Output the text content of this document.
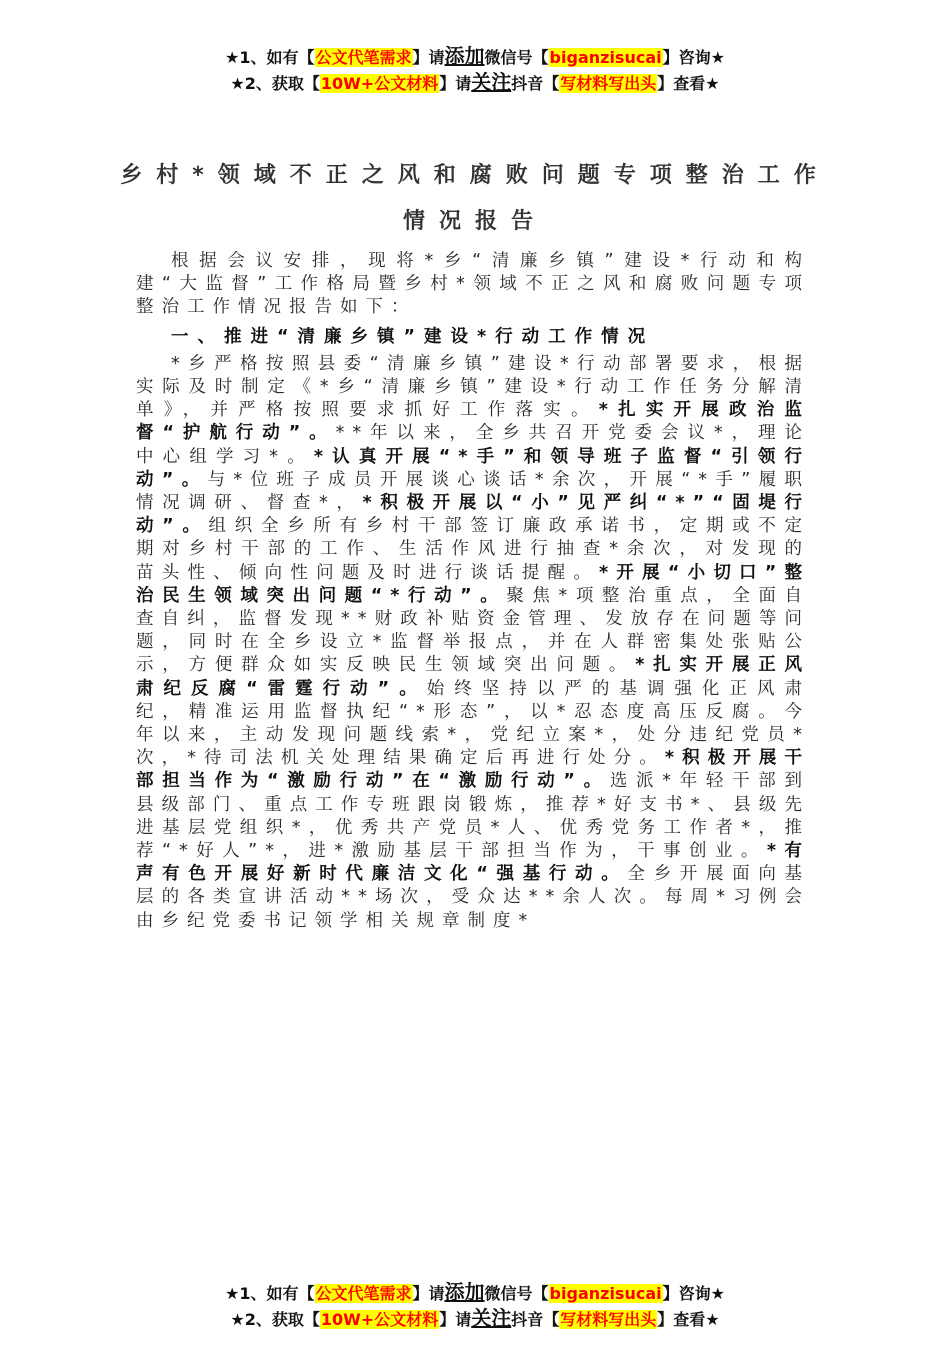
★1、如有【公文代笔需求】请添加微信号【biganzisucai】咨询★
★2、获取【10W+公文材料】请关注抖音【写材料写出头】查看★
乡村*领域不正之风和腐败问题专项整治工作
情况报告

根据会议安排，现将*乡“清廉乡镇”建设*行动和构建“大监督”工作格局暨乡村*领域不正之风和腐败问题专项整治工作情况报告如下：

一、推进“清廉乡镇”建设*行动工作情况

*乡严格按照县委“清廉乡镇”建设*行动部署要求，根据实际及时制定《*乡“清廉乡镇”建设*行动工作任务分解清单》，并严格按照要求抓好工作落实。*扎实开展政治监督“护航行动”。**年以来，全乡共召开党委会议*，理论中心组学习*。*认真开展“*手”和领导班子监督“引领行动”。与*位班子成员开展谈心谈话*余次，开展“*手”履职情况调研、督查*，*积极开展以“小”见严纠“*”“固堤行动”。组织全乡所有乡村干部签订廉政承诺书，定期或不定期对乡村干部的工作、生活作风进行抽查*余次，对发现的苗头性、倾向性问题及时进行谈话提醒。*开展“小切口”整治民生领域突出问题“*行动”。聚焦*项整治重点，全面自查自纠，监督发现**财政补贴资金管理、发放存在问题等问题，同时在全乡设立*监督举报点，并在人群密集处张贴公示，方便群众如实反映民生领域突出问题。*扎实开展正风肃纪反腐“雷霆行动”。始终坚持以严的基调强化正风肃纪，精准运用监督执纪“*形态”，以*忍态度高压反腐。今年以来，主动发现问题线索*，党纪立案*，处分违纪党员*次，*待司法机关处理结果确定后再进行处分。*积极开展干部担当作为“激励行动”在“激励行动”。选派*年轻干部到县级部门、重点工作专班跟岗锻炼，推荐*好支书*、县级先进基层党组织*，优秀共产党员*人、优秀党务工作者*，推荐“*好人”*，进*激励基层干部担当作为，干事创业。*有声有色开展好新时代廉洁文化“强基行动。全乡开展面向基层的各类宣讲活动**场次，受众达**余人次。每周*习例会由乡纪党委书记领学相关规章制度*

★1、如有【公文代笔需求】请添加微信号【biganzisucai】咨询★
★2、获取【10W+公文材料】请关注抖音【写材料写出头】查看★
